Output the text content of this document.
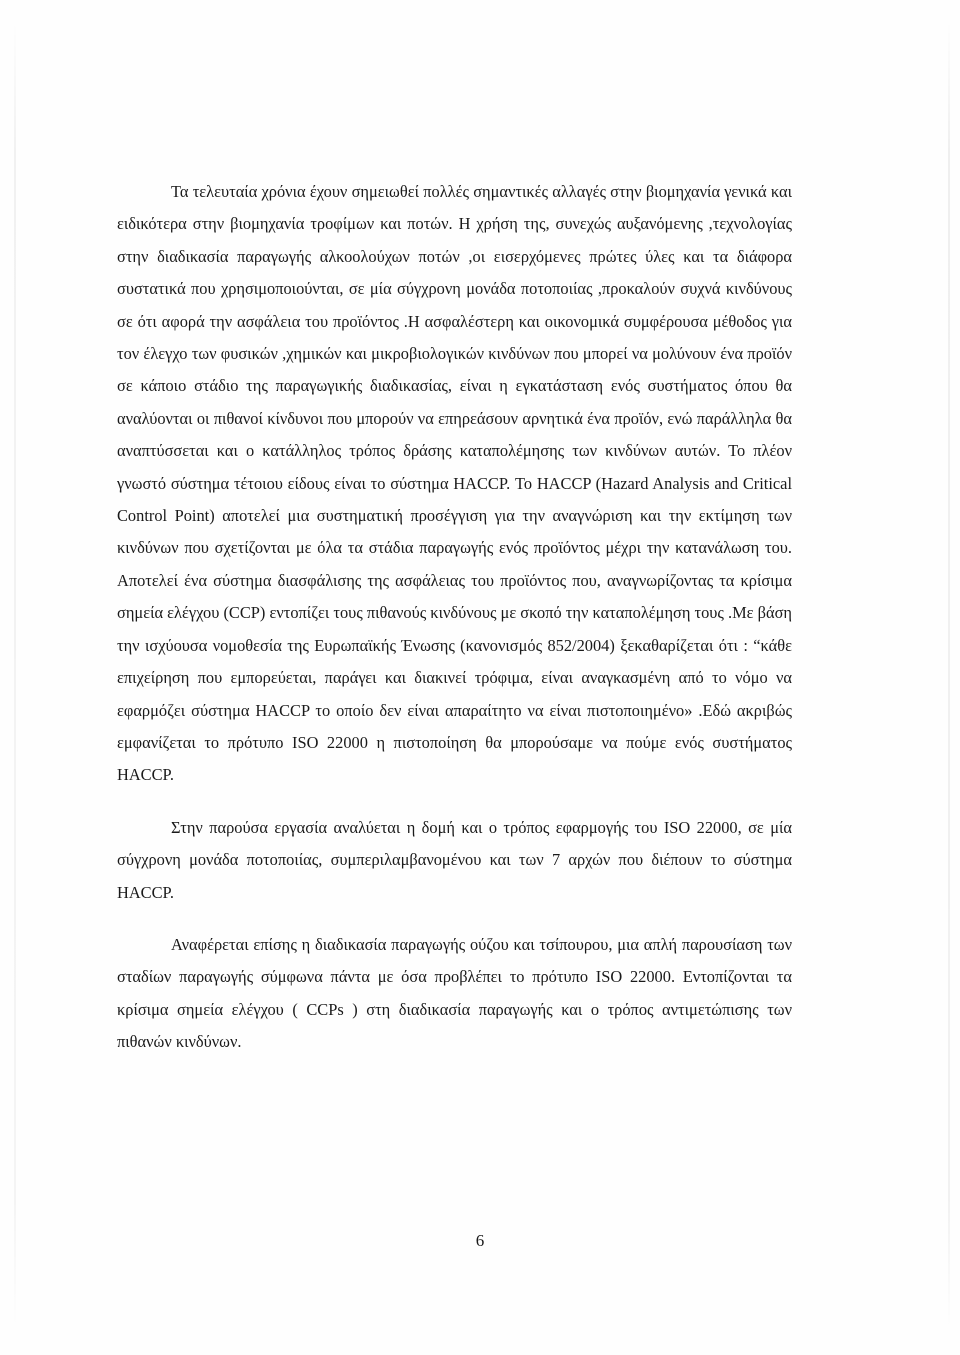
Τα τελευταία χρόνια έχουν σημειωθεί πολλές σημαντικές αλλαγές στην βιομηχανία γενικά και ειδικότερα στην βιομηχανία τροφίμων και ποτών. Η χρήση της, συνεχώς αυξανόμενης ,τεχνολογίας στην διαδικασία παραγωγής αλκοολούχων ποτών ,οι εισερχόμενες πρώτες ύλες και τα διάφορα συστατικά που χρησιμοποιούνται, σε μία σύγχρονη μονάδα ποτοποιίας ,προκαλούν συχνά κινδύνους σε ότι αφορά την ασφάλεια του προϊόντος .Η ασφαλέστερη και οικονομικά συμφέρουσα μέθοδος για τον έλεγχο των φυσικών ,χημικών και μικροβιολογικών κινδύνων που μπορεί να μολύνουν ένα προϊόν σε κάποιο στάδιο της παραγωγικής διαδικασίας, είναι η εγκατάσταση ενός συστήματος όπου θα αναλύονται οι πιθανοί κίνδυνοι που μπορούν να επηρεάσουν αρνητικά ένα προϊόν, ενώ παράλληλα θα αναπτύσσεται και ο κατάλληλος τρόπος δράσης καταπολέμησης των κινδύνων αυτών. Το πλέον γνωστό σύστημα τέτοιου είδους είναι το σύστημα HACCP. Το HACCP (Hazard Analysis and Critical Control Point) αποτελεί μια συστηματική προσέγγιση για την αναγνώριση και την εκτίμηση των κινδύνων που σχετίζονται με όλα τα στάδια παραγωγής ενός προϊόντος μέχρι την κατανάλωση του. Αποτελεί ένα σύστημα διασφάλισης της ασφάλειας του προϊόντος που, αναγνωρίζοντας τα κρίσιμα σημεία ελέγχου (CCP) εντοπίζει τους πιθανούς κινδύνους με σκοπό την καταπολέμηση τους .Με βάση την ισχύουσα νομοθεσία της Ευρωπαϊκής Ένωσης (κανονισμός 852/2004) ξεκαθαρίζεται ότι : “κάθε επιχείρηση που εμπορεύεται, παράγει και διακινεί τρόφιμα, είναι αναγκασμένη από το νόμο να εφαρμόζει σύστημα HACCP το οποίο δεν είναι απαραίτητο να είναι πιστοποιημένο» .Εδώ ακριβώς εμφανίζεται το πρότυπο ISO 22000 η πιστοποίηση θα μπορούσαμε να πούμε ενός συστήματος HACCP.

Στην παρούσα εργασία αναλύεται η δομή και ο τρόπος εφαρμογής του ISO 22000, σε μία σύγχρονη μονάδα ποτοποιίας, συμπεριλαμβανομένου και των 7 αρχών που διέπουν το σύστημα HACCP.

Αναφέρεται επίσης η διαδικασία παραγωγής ούζου και τσίπουρου, μια απλή παρουσίαση των σταδίων παραγωγής σύμφωνα πάντα με όσα προβλέπει το πρότυπο ISO 22000. Εντοπίζονται τα κρίσιμα σημεία ελέγχου ( CCPs ) στη διαδικασία παραγωγής και ο τρόπος αντιμετώπισης των πιθανών κινδύνων.

6
